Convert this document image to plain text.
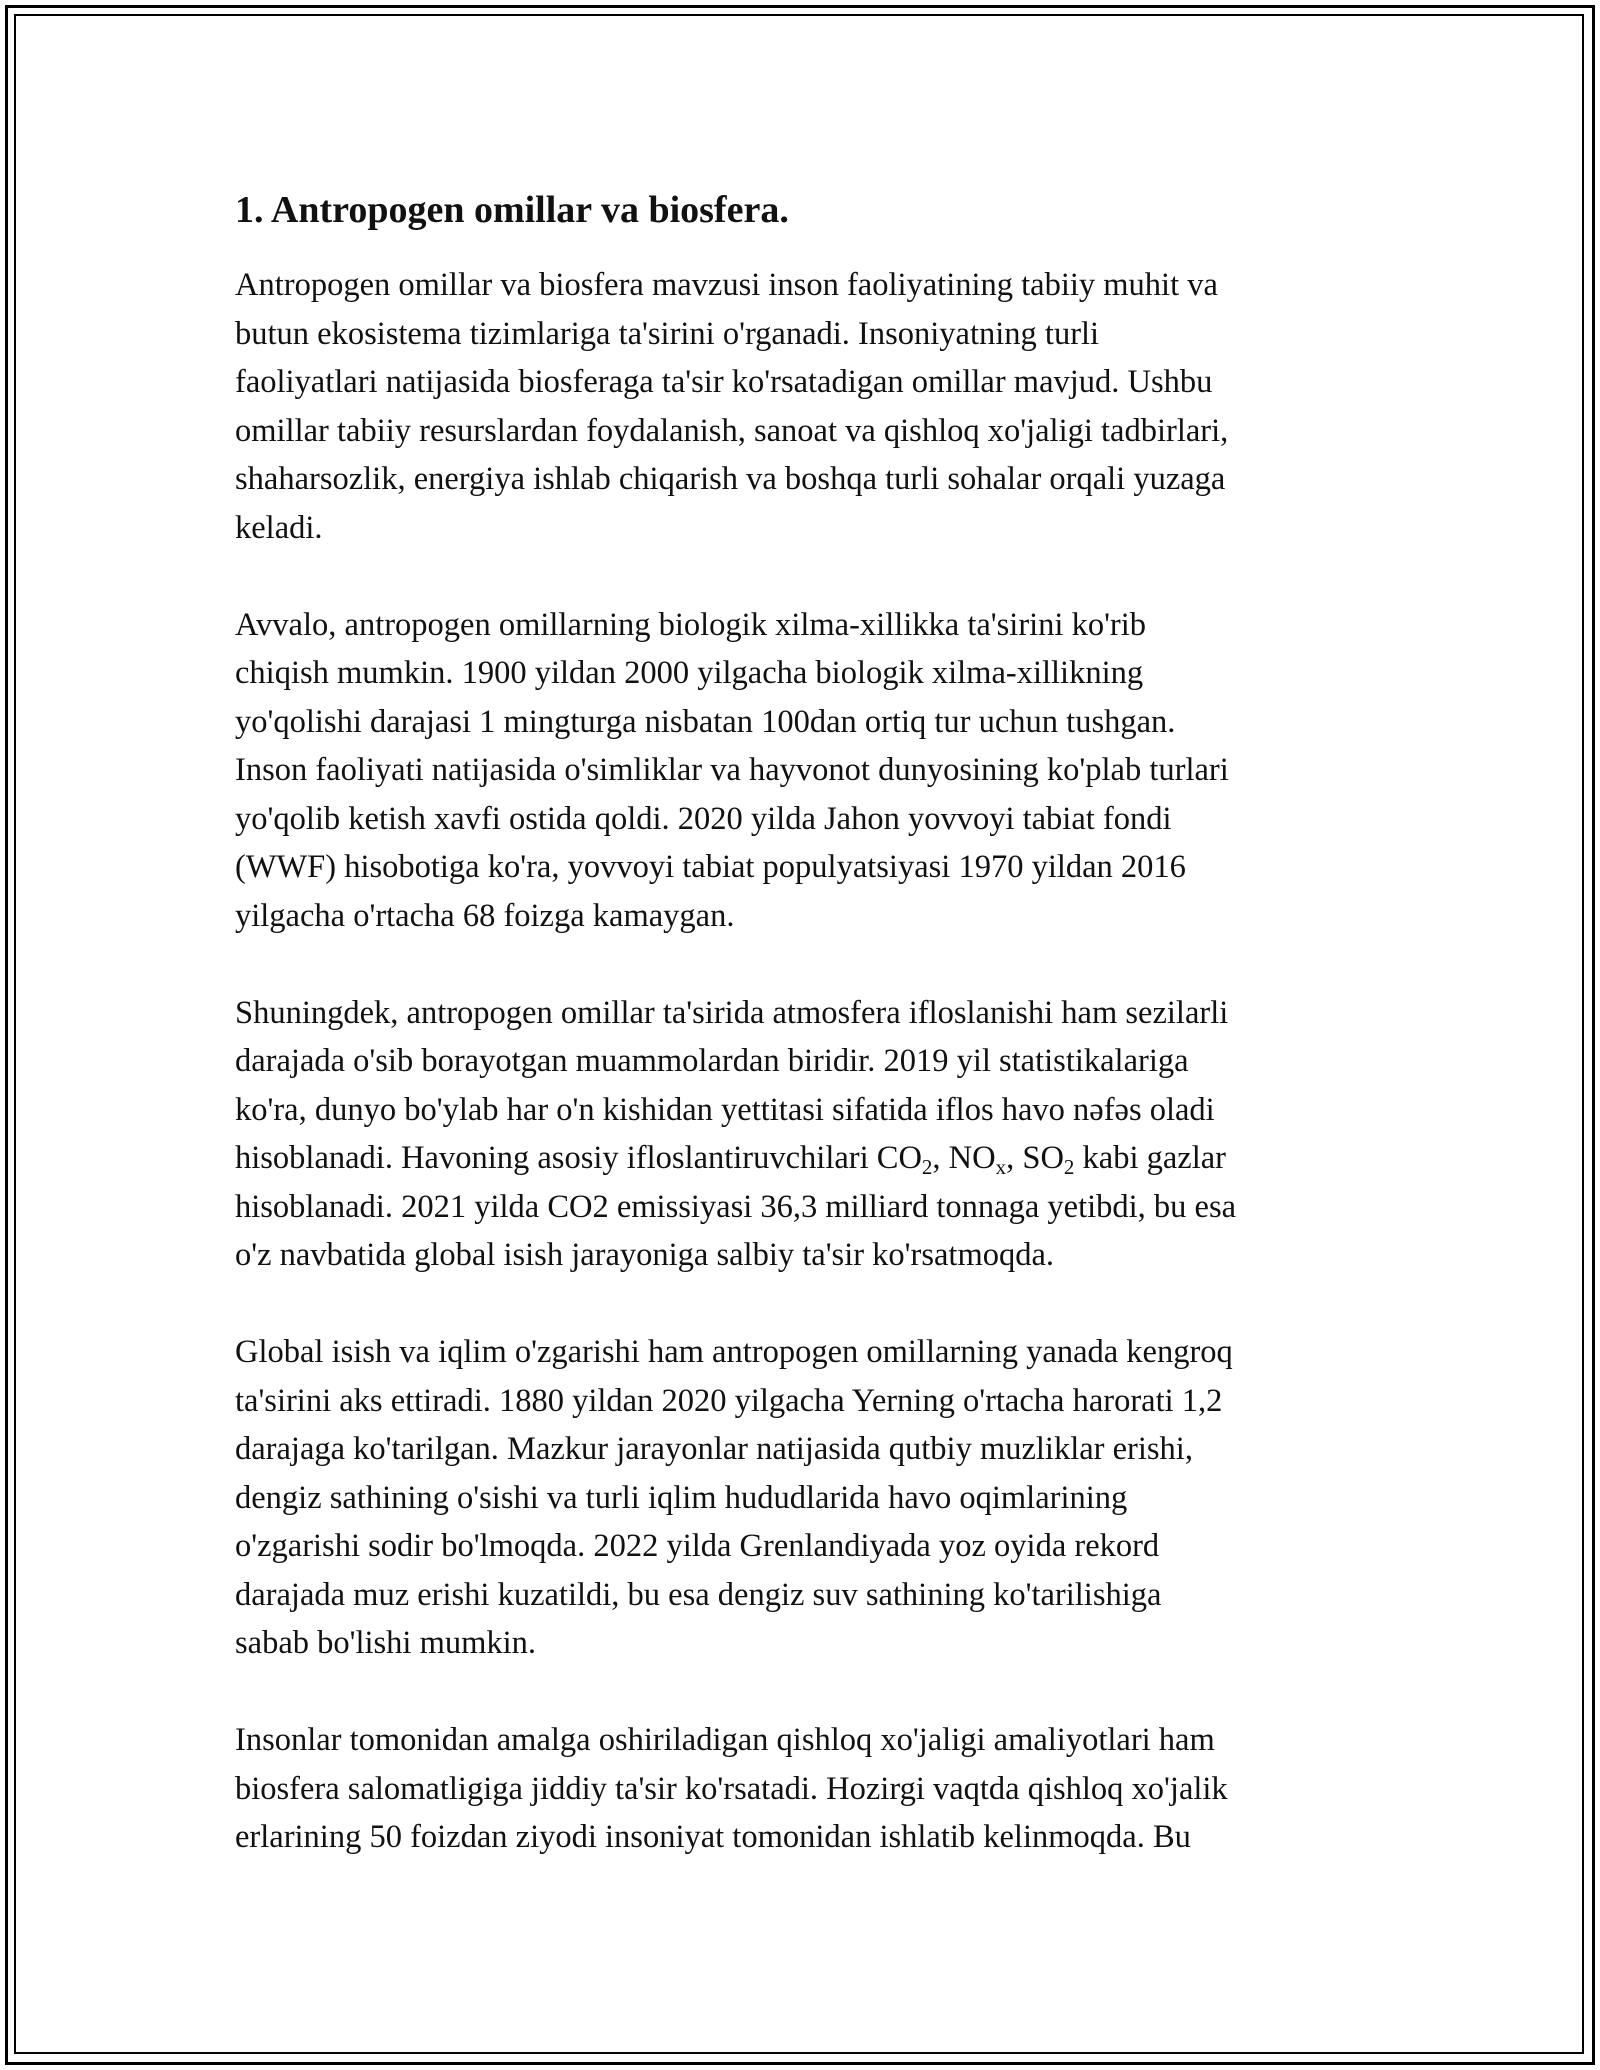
1. Antropogen omillar va biosfera.

Antropogen omillar va biosfera mavzusi inson faoliyatining tabiiy muhit va
butun ekosistema tizimlariga ta'sirini o'rganadi. Insoniyatning turli
faoliyatlari natijasida biosferaga ta'sir ko'rsatadigan omillar mavjud. Ushbu
omillar tabiiy resurslardan foydalanish, sanoat va qishloq xo'jaligi tadbirlari,
shaharsozlik, energiya ishlab chiqarish va boshqa turli sohalar orqali yuzaga
keladi.

Avvalo, antropogen omillarning biologik xilma-xillikka ta'sirini ko'rib
chiqish mumkin. 1900 yildan 2000 yilgacha biologik xilma-xillikning
yo'qolishi darajasi 1 mingturga nisbatan 100dan ortiq tur uchun tushgan.
Inson faoliyati natijasida o'simliklar va hayvonot dunyosining ko'plab turlari
yo'qolib ketish xavfi ostida qoldi. 2020 yilda Jahon yovvoyi tabiat fondi
(WWF) hisobotiga ko'ra, yovvoyi tabiat populyatsiyasi 1970 yildan 2016
yilgacha o'rtacha 68 foizga kamaygan.

Shuningdek, antropogen omillar ta'sirida atmosfera ifloslanishi ham sezilarli
darajada o'sib borayotgan muammolardan biridir. 2019 yil statistikalariga
ko'ra, dunyo bo'ylab har o'n kishidan yettitasi sifatida iflos havo nəfəs oladi
hisoblanadi. Havoning asosiy ifloslantiruvchilari $CO_2$, $NO_x$, $SO_2$ kabi gazlar
hisoblanadi. 2021 yilda CO2 emissiyasi 36,3 milliard tonnaga yetibdi, bu esa
o'z navbatida global isish jarayoniga salbiy ta'sir ko'rsatmoqda.

Global isish va iqlim o'zgarishi ham antropogen omillarning yanada kengroq
ta'sirini aks ettiradi. 1880 yildan 2020 yilgacha Yerning o'rtacha harorati 1,2
darajaga ko'tarilgan. Mazkur jarayonlar natijasida qutbiy muzliklar erishi,
dengiz sathining o'sishi va turli iqlim hududlarida havo oqimlarining
o'zgarishi sodir bo'lmoqda. 2022 yilda Grenlandiyada yoz oyida rekord
darajada muz erishi kuzatildi, bu esa dengiz suv sathining ko'tarilishiga
sabab bo'lishi mumkin.

Insonlar tomonidan amalga oshiriladigan qishloq xo'jaligi amaliyotlari ham
biosfera salomatligiga jiddiy ta'sir ko'rsatadi. Hozirgi vaqtda qishloq xo'jalik
erlarining 50 foizdan ziyodi insoniyat tomonidan ishlatib kelinmoqda. Bu
